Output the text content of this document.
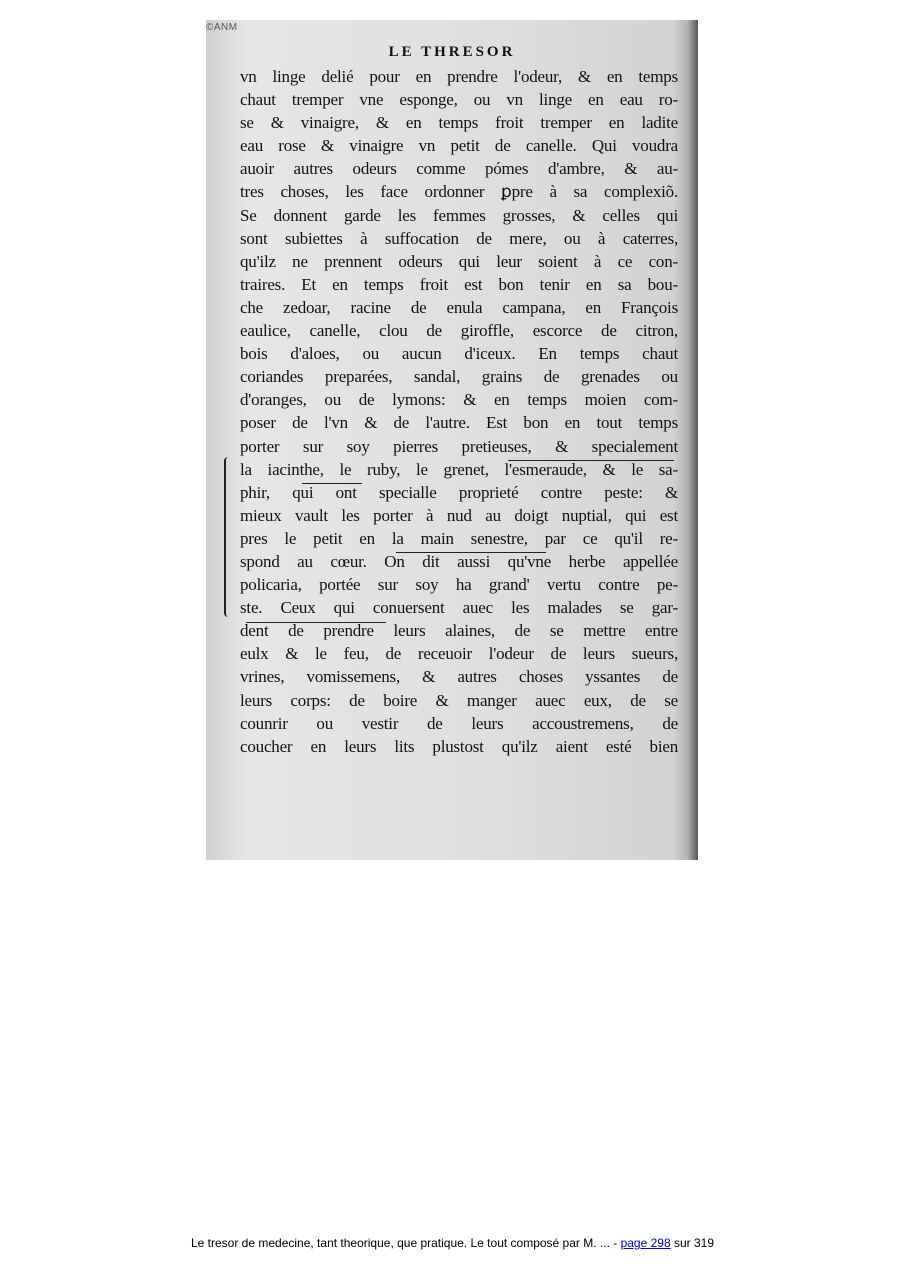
©ANM
LE THRESOR
vn linge delié pour en prendre l'odeur, & en temps
chaut tremper vne esponge, ou vn linge en eau ro-
se & vinaigre, & en temps froit tremper en ladite
eau rose & vinaigre vn petit de canelle. Qui voudra
auoir autres odeurs comme pómes d'ambre, & au-
tres choses, les face ordonner ꝑpre à sa complexiõ.
Se donnent garde les femmes grosses, & celles qui
sont subiettes à suffocation de mere, ou à caterres,
qu'ilz ne prennent odeurs qui leur soient à ce con-
traires. Et en temps froit est bon tenir en sa bou-
che zedoar, racine de enula campana, en François
eaulice, canelle, clou de giroffle, escorce de citron,
bois d'aloes, ou aucun d'iceux. En temps chaut
coriandes preparées, sandal, grains de grenades ou
d'oranges, ou de lymons: & en temps moien com-
poser de l'vn & de l'autre. Est bon en tout temps
porter sur soy pierres pretieuses, & specialement
la iacinthe, le ruby, le grenet, l'esmeraude, & le sa-
phir, qui ont specialle proprieté contre peste: &
mieux vault les porter à nud au doigt nuptial, qui est
pres le petit en la main senestre, par ce qu'il re-
spond au cœur. On dit aussi qu'vne herbe appellée
policaria, portée sur soy ha grand' vertu contre pe-
ste. Ceux qui conuersent auec les malades se gar-
dent de prendre leurs alaines, de se mettre entre
eulx & le feu, de receuoir l'odeur de leurs sueurs,
vrines, vomissemens, & autres choses yssantes de
leurs corps: de boire & manger auec eux, de se
counrir ou vestir de leurs accoustremens, de
coucher en leurs lits plustost qu'ilz aient esté bien
Le tresor de medecine, tant theorique, que pratique. Le tout composé par M. ... - page 298 sur 319
